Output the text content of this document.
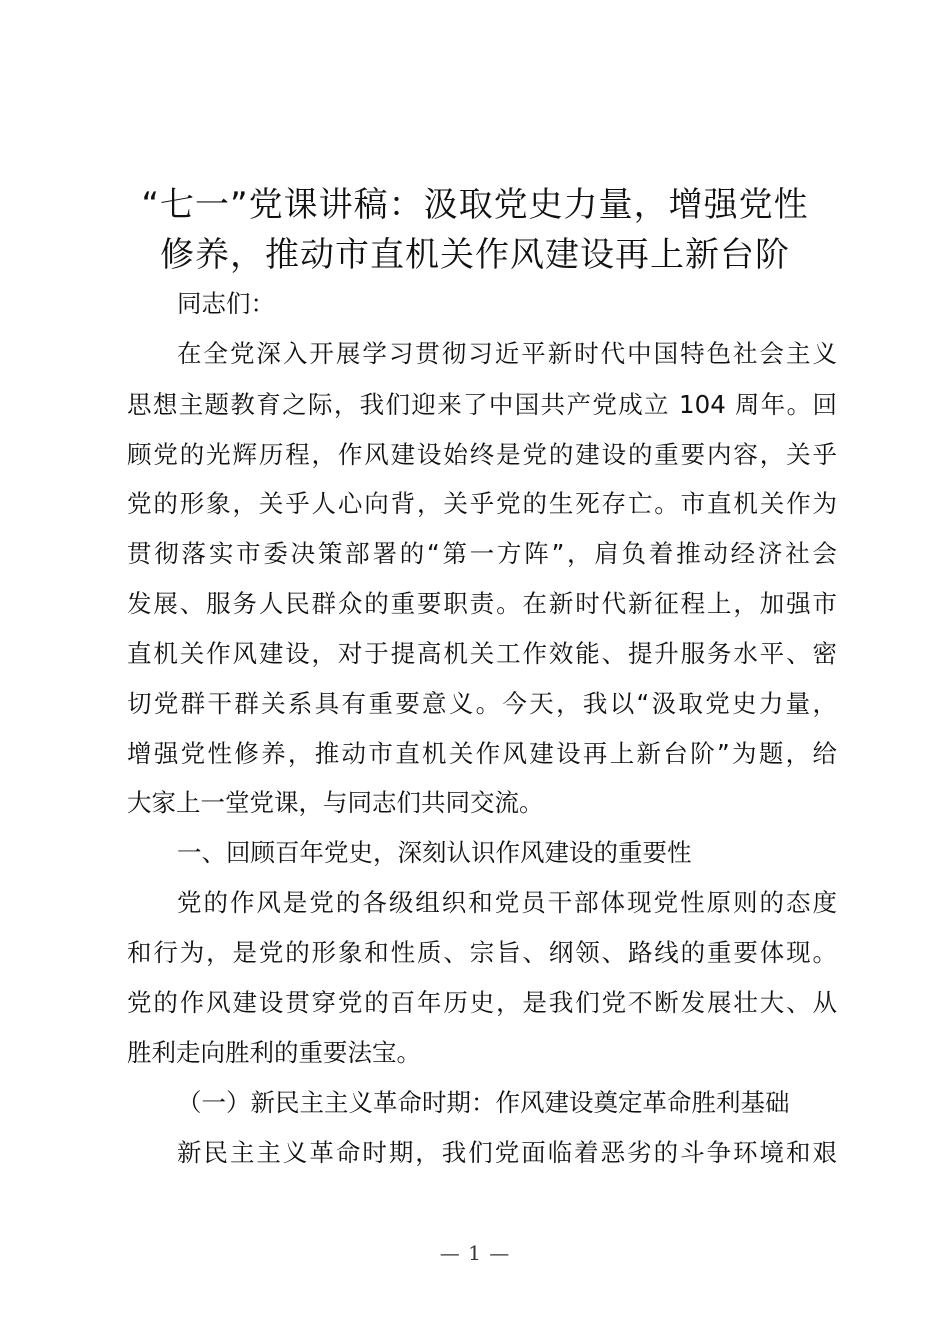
“七一”党课讲稿：汲取党史力量，增强党性
修养，推动市直机关作风建设再上新台阶

同志们：

在全党深入开展学习贯彻习近平新时代中国特色社会主义

思想主题教育之际，我们迎来了中国共产党成立 104 周年。回

顾党的光辉历程，作风建设始终是党的建设的重要内容，关乎

党的形象，关乎人心向背，关乎党的生死存亡。市直机关作为

贯彻落实市委决策部署的“第一方阵”，肩负着推动经济社会

发展、服务人民群众的重要职责。在新时代新征程上，加强市

直机关作风建设，对于提高机关工作效能、提升服务水平、密

切党群干群关系具有重要意义。今天，我以“汲取党史力量，

增强党性修养，推动市直机关作风建设再上新台阶”为题，给

大家上一堂党课，与同志们共同交流。

一、回顾百年党史，深刻认识作风建设的重要性

党的作风是党的各级组织和党员干部体现党性原则的态度

和行为，是党的形象和性质、宗旨、纲领、路线的重要体现。

党的作风建设贯穿党的百年历史，是我们党不断发展壮大、从

胜利走向胜利的重要法宝。

（一）新民主主义革命时期：作风建设奠定革命胜利基础

新民主主义革命时期，我们党面临着恶劣的斗争环境和艰

— 1 —
